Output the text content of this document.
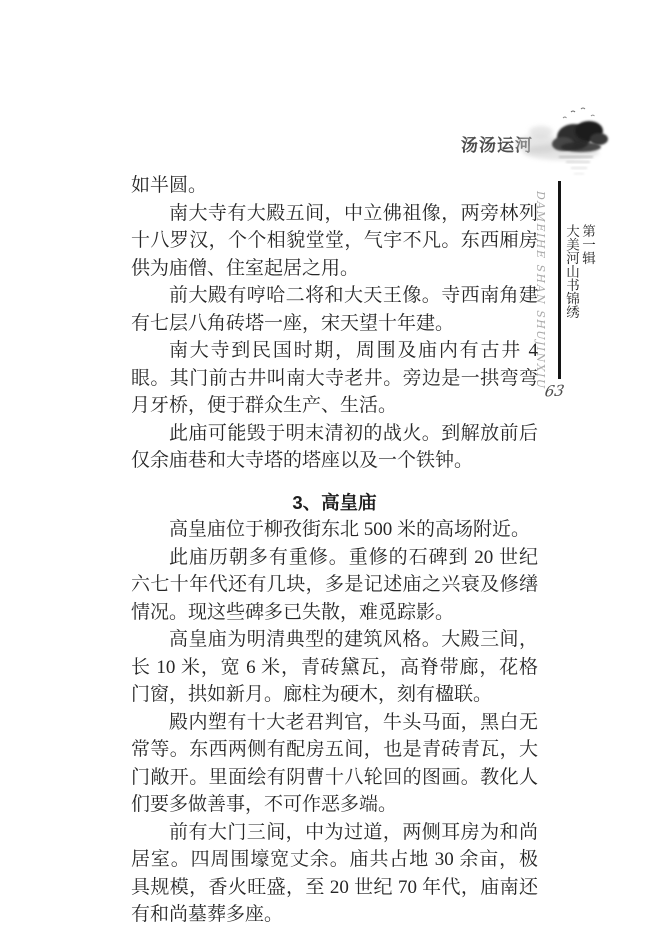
汤汤运河
DAMEIHE SHAN SHUJINXIU 第一辑
大美河山书锦绣
63

如半圆。

南大寺有大殿五间，中立佛祖像，两旁林列十八罗汉，个个相貌堂堂，气宇不凡。东西厢房供为庙僧、住室起居之用。

前大殿有哼哈二将和大天王像。寺西南角建有七层八角砖塔一座，宋天望十年建。

南大寺到民国时期，周围及庙内有古井 4 眼。其门前古井叫南大寺老井。旁边是一拱弯弯月牙桥，便于群众生产、生活。

此庙可能毁于明末清初的战火。到解放前后仅余庙巷和大寺塔的塔座以及一个铁钟。

3、高皇庙

高皇庙位于柳孜街东北 500 米的高场附近。

此庙历朝多有重修。重修的石碑到 20 世纪六七十年代还有几块，多是记述庙之兴衰及修缮情况。现这些碑多已失散，难觅踪影。

高皇庙为明清典型的建筑风格。大殿三间，长 10 米，宽 6 米，青砖黛瓦，高脊带廊，花格门窗，拱如新月。廊柱为硬木，刻有楹联。

殿内塑有十大老君判官，牛头马面，黑白无常等。东西两侧有配房五间，也是青砖青瓦，大门敞开。里面绘有阴曹十八轮回的图画。教化人们要多做善事，不可作恶多端。

前有大门三间，中为过道，两侧耳房为和尚居室。四周围壕宽丈余。庙共占地 30 余亩，极具规模，香火旺盛，至 20 世纪 70 年代，庙南还有和尚墓葬多座。
